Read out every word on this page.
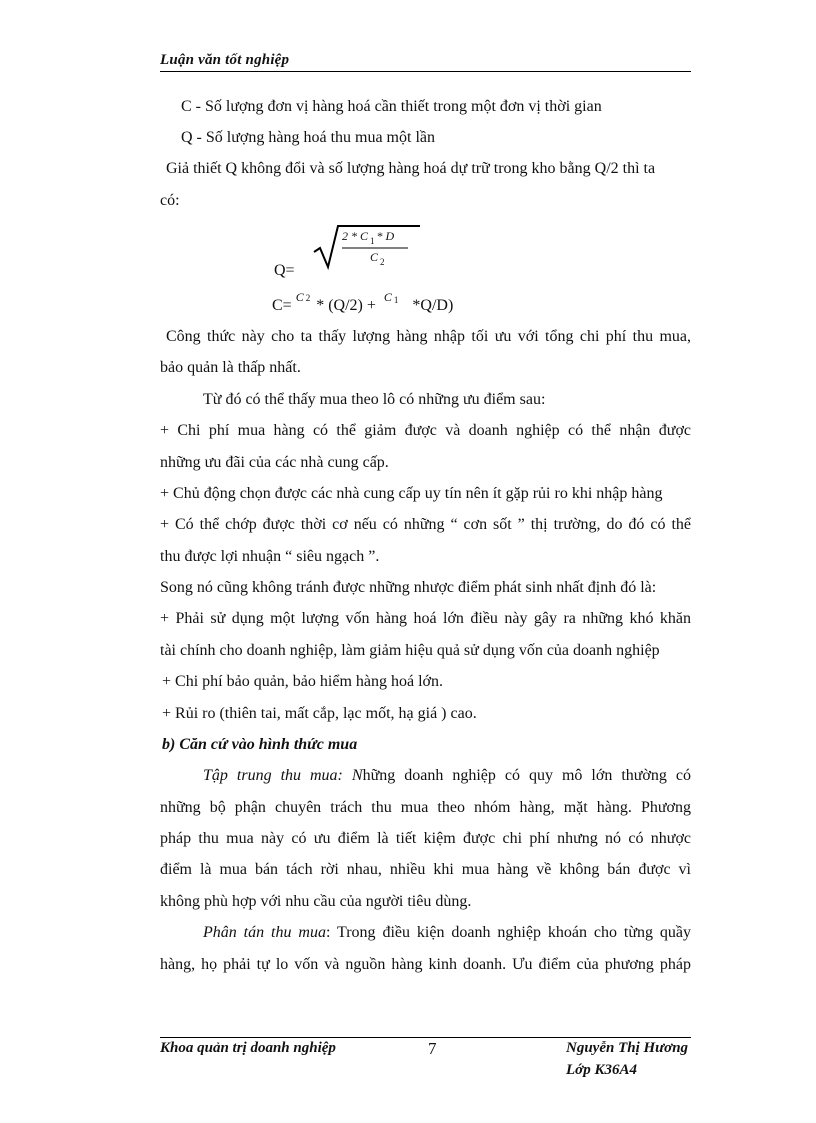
Luận văn tốt nghiệp
C - Số lượng đơn vị hàng hoá cần thiết trong một đơn vị thời gian
Q - Số lượng hàng hoá thu mua một lần
Giả thiết Q không đổi và số lượng hàng hoá dự trữ trong kho bằng Q/2 thì ta
có:
Q=
2 * C $_1$ * D
C $_2$
C= $^C$ $^2$ * (Q/2) + $^C$ $^1$ *Q/D)
Công thức này cho ta thấy lượng hàng nhập tối ưu với tổng chi phí thu mua,
bảo quản là thấp nhất.
Từ đó có thể thấy mua theo lô có những ưu điểm sau:
+ Chi phí mua hàng có thể giảm được và doanh nghiệp có thể nhận được
những ưu đãi của các nhà cung cấp.
+ Chủ động chọn được các nhà cung cấp uy tín nên ít gặp rủi ro khi nhập hàng
+ Có thể chớp được thời cơ nếu có những “ cơn sốt ” thị trường, do đó có thể
thu được lợi nhuận “ siêu ngạch ”.
Song nó cũng không tránh được những nhược điểm phát sinh nhất định đó là:
+ Phải sử dụng một lượng vốn hàng hoá lớn điều này gây ra những khó khăn
tài chính cho doanh nghiệp, làm giảm hiệu quả sử dụng vốn của doanh nghiệp
+ Chi phí bảo quản, bảo hiểm hàng hoá lớn.
+ Rủi ro (thiên tai, mất cắp, lạc mốt, hạ giá ) cao.
b) Căn cứ vào hình thức mua
Tập trung thu mua: Những doanh nghiệp có quy mô lớn thường có
những bộ phận chuyên trách thu mua theo nhóm hàng, mặt hàng. Phương
pháp thu mua này có ưu điểm là tiết kiệm được chi phí nhưng nó có nhược
điểm là mua bán tách rời nhau, nhiều khi mua hàng về không bán được vì
không phù hợp với nhu cầu của người tiêu dùng.
Phân tán thu mua: Trong điều kiện doanh nghiệp khoán cho từng quầy
hàng, họ phải tự lo vốn và nguồn hàng kinh doanh. Ưu điểm của phương pháp
Khoa quản trị doanh nghiệp	7	Nguyễn Thị Hương
Lớp K36A4
